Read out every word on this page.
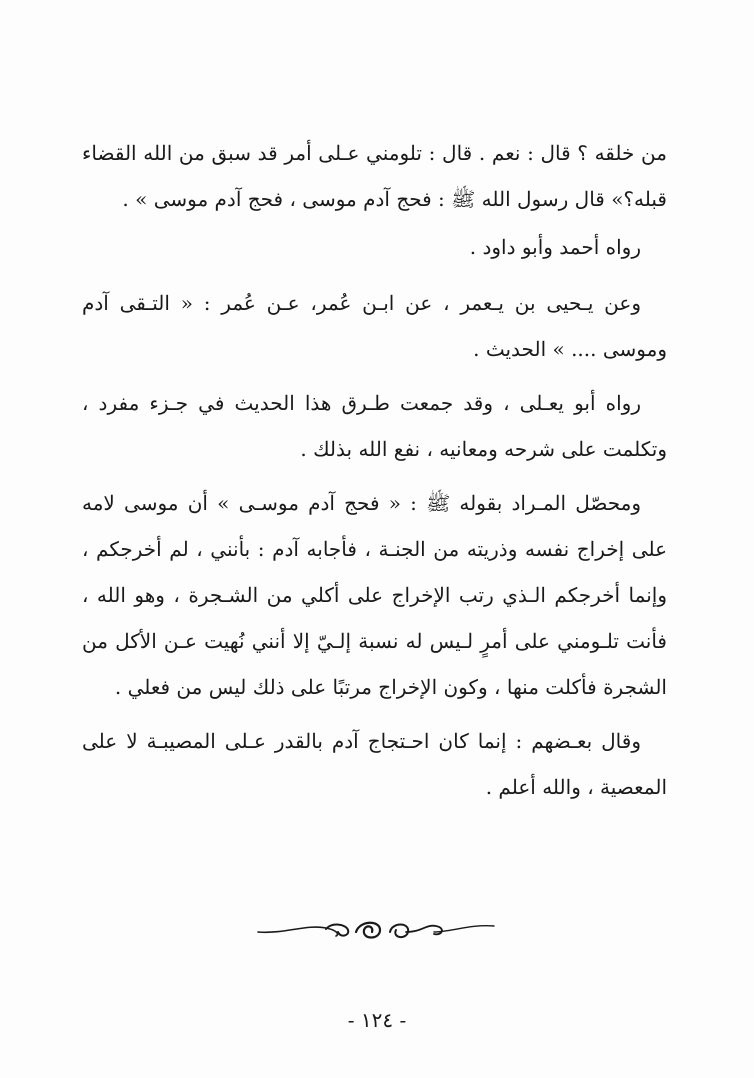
من خلقه ؟ قال : نعم . قال : تلومني عـلى أمر قد سبق من الله القضاء
قبله؟» قال رسول الله ﷺ : فحج آدم موسى ، فحج آدم موسى » .
رواه أحمد وأبو داود .
وعن يـحيى بن يـعمر ، عن ابـن عُمر، عـن عُمر : « التـقى آدم
وموسى .... » الحديث .
رواه أبو يعـلى ، وقد جمعت طـرق هذا الحديث في جـزء مفرد ،
وتكلمت على شرحه ومعانيه ، نفع الله بذلك .
ومحصّل المـراد بقوله ﷺ : « فحج آدم موسـى » أن موسى لامه
على إخراج نفسه وذريته من الجنـة ، فأجابه آدم : بأنني ، لم أخرجكم ،
وإنما أخرجكم الـذي رتب الإخراج على أكلي من الشـجرة ، وهو الله ،
فأنت تلـومني على أمرٍ لـيس له نسبة إلـيّ إلا أنني نُهيت عـن الأكل من
الشجرة فأكلت منها ، وكون الإخراج مرتبًا على ذلك ليس من فعلي .
وقال بعـضهم : إنما كان احـتجاج آدم بالقدر عـلى المصيبـة لا على
المعصية ، والله أعلم .
- ١٢٤ -
